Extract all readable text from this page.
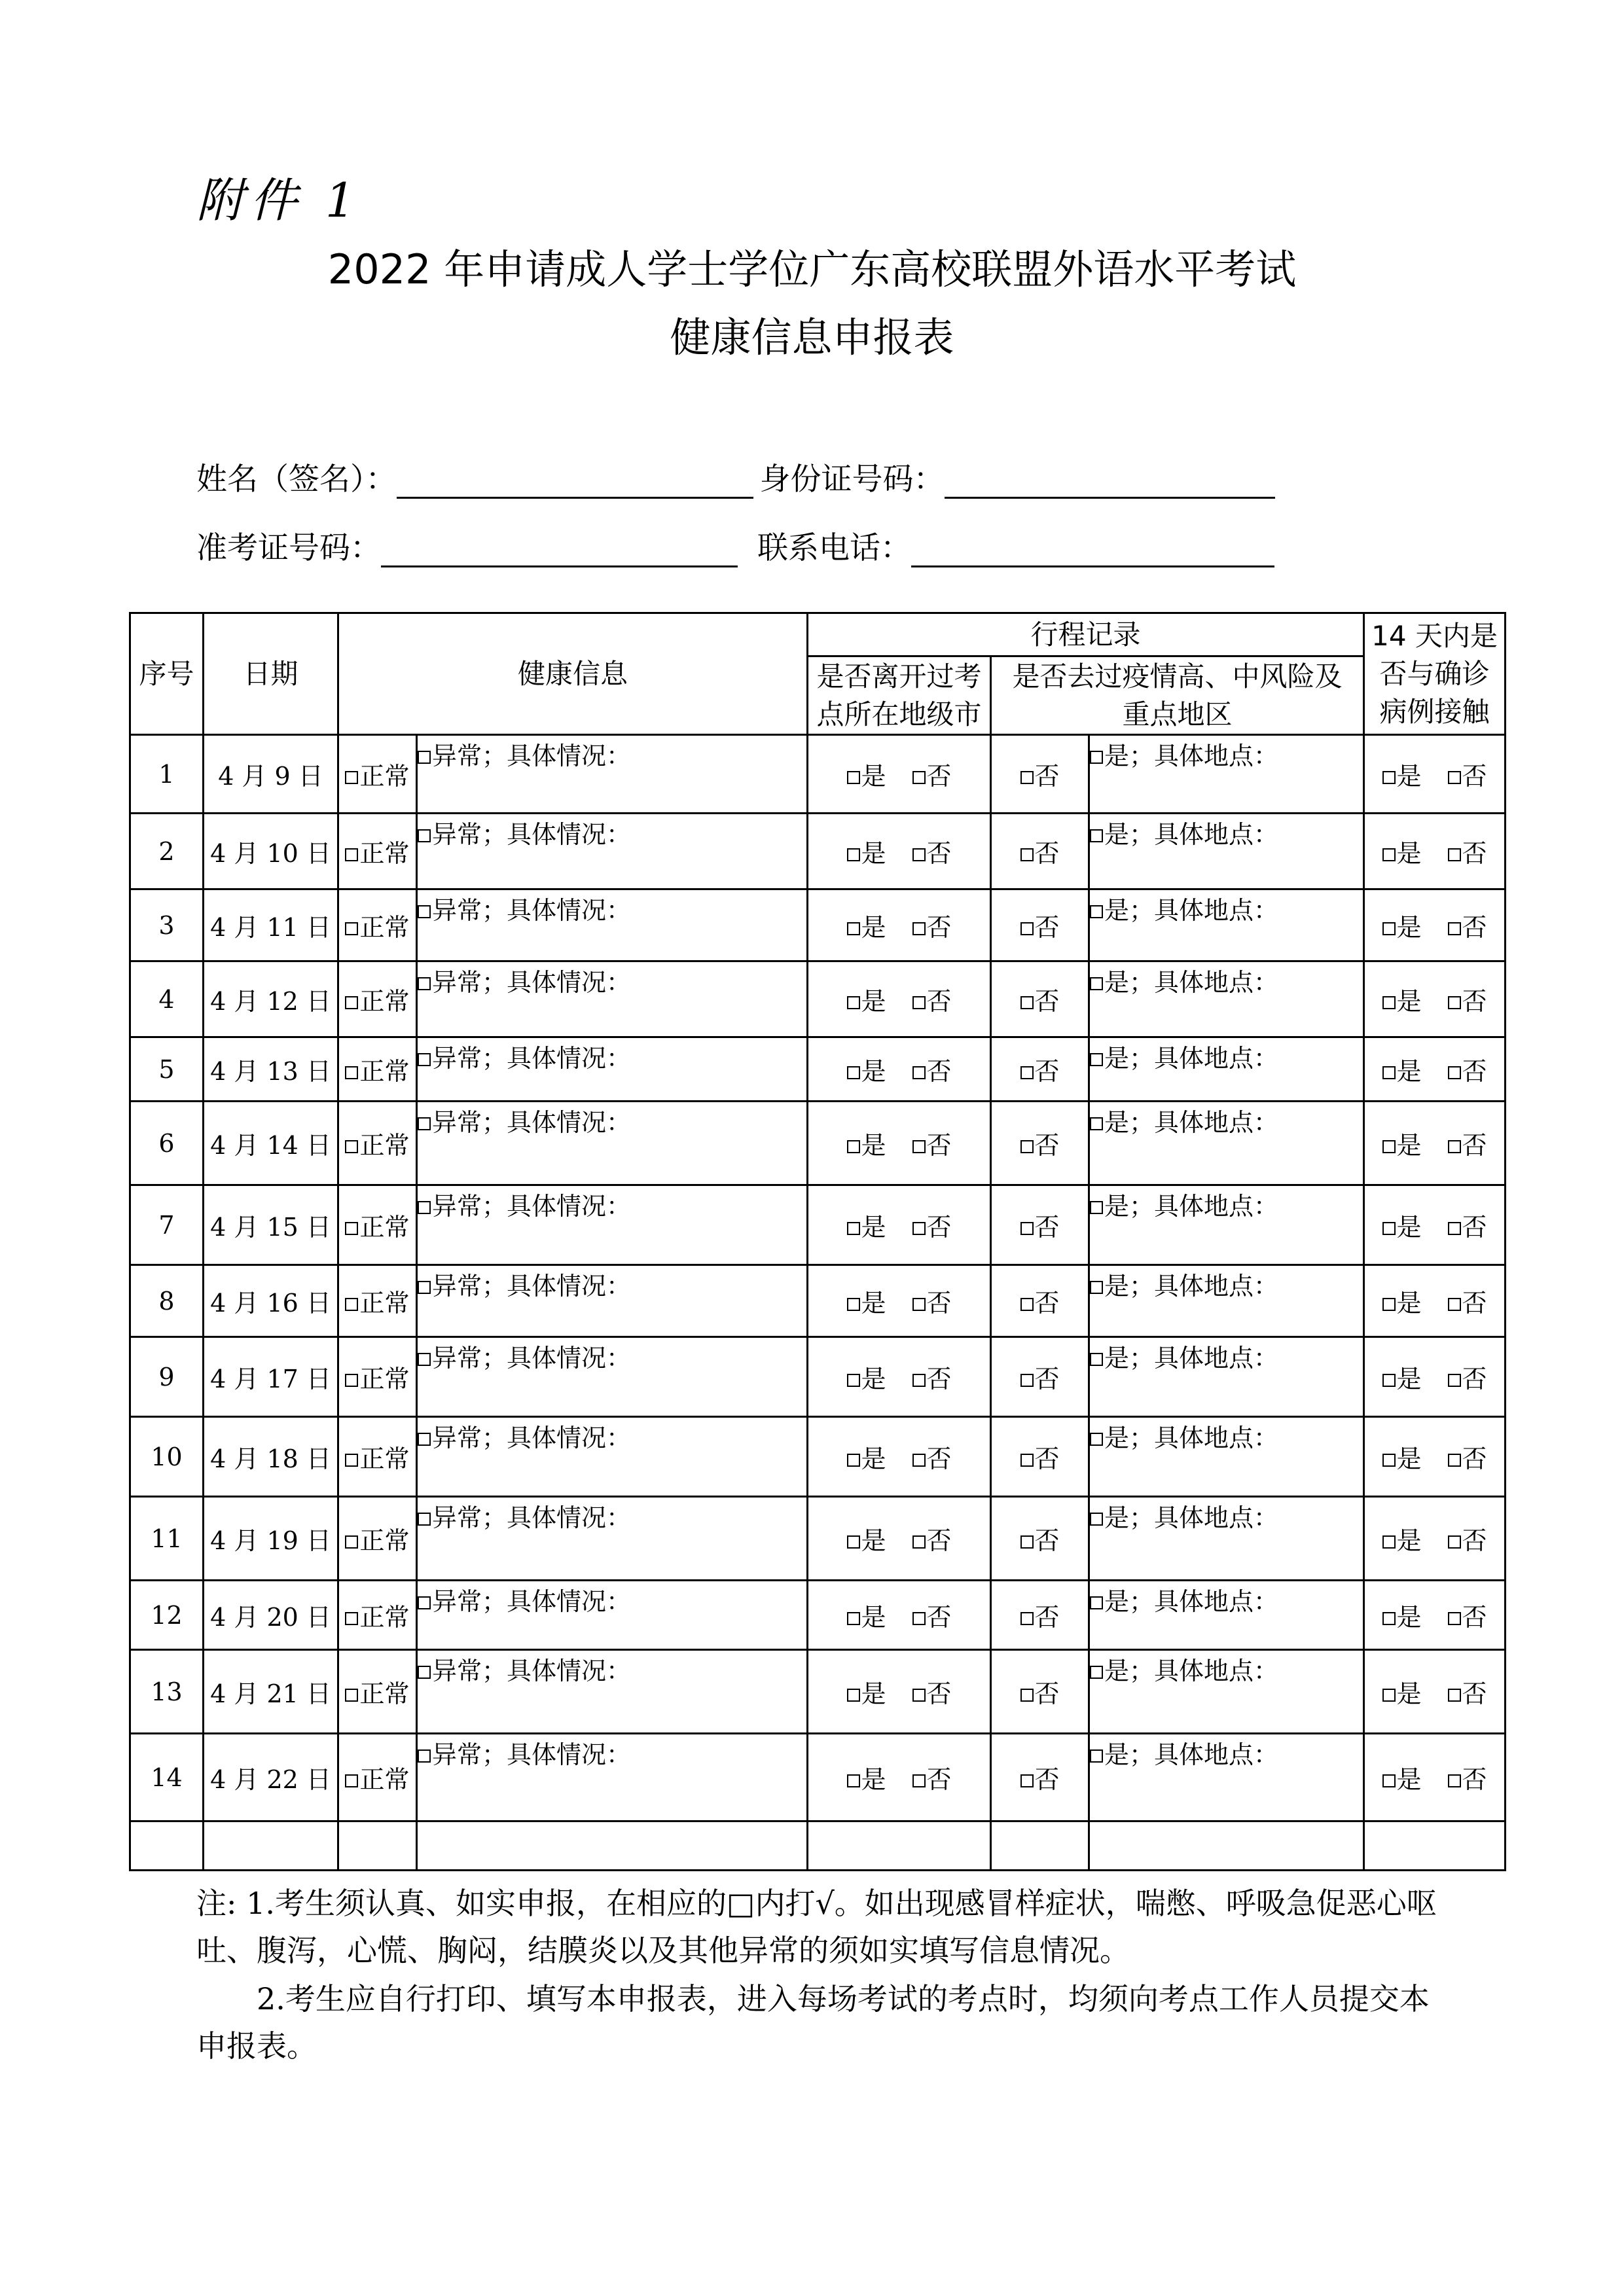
附件 1
2022 年申请成人学士学位广东高校联盟外语水平考试
健康信息申报表
姓名（签名）：	身份证号码：
准考证号码：	联系电话：
序号	日期	健康信息		行程记录			14 天内是否与确诊病例接触
				是否离开过考点所在地级市	是否去过疫情高、中风险及重点地区		
1	4 月 9 日	正常	异常；具体情况：	是 否	否	是；具体地点：	是 否
2	4 月 10 日	正常	异常；具体情况：	是 否	否	是；具体地点：	是 否
3	4 月 11 日	正常	异常；具体情况：	是 否	否	是；具体地点：	是 否
4	4 月 12 日	正常	异常；具体情况：	是 否	否	是；具体地点：	是 否
5	4 月 13 日	正常	异常；具体情况：	是 否	否	是；具体地点：	是 否
6	4 月 14 日	正常	异常；具体情况：	是 否	否	是；具体地点：	是 否
7	4 月 15 日	正常	异常；具体情况：	是 否	否	是；具体地点：	是 否
8	4 月 16 日	正常	异常；具体情况：	是 否	否	是；具体地点：	是 否
9	4 月 17 日	正常	异常；具体情况：	是 否	否	是；具体地点：	是 否
10	4 月 18 日	正常	异常；具体情况：	是 否	否	是；具体地点：	是 否
11	4 月 19 日	正常	异常；具体情况：	是 否	否	是；具体地点：	是 否
12	4 月 20 日	正常	异常；具体情况：	是 否	否	是；具体地点：	是 否
13	4 月 21 日	正常	异常；具体情况：	是 否	否	是；具体地点：	是 否
14	4 月 22 日	正常	异常；具体情况：	是 否	否	是；具体地点：	是 否

注: 1.考生须认真、如实申报，在相应的□内打√。如出现感冒样症状，喘憋、呼吸急促恶心呕吐、腹泻，心慌、胸闷，结膜炎以及其他异常的须如实填写信息情况。
2.考生应自行打印、填写本申报表，进入每场考试的考点时，均须向考点工作人员提交本申报表。
